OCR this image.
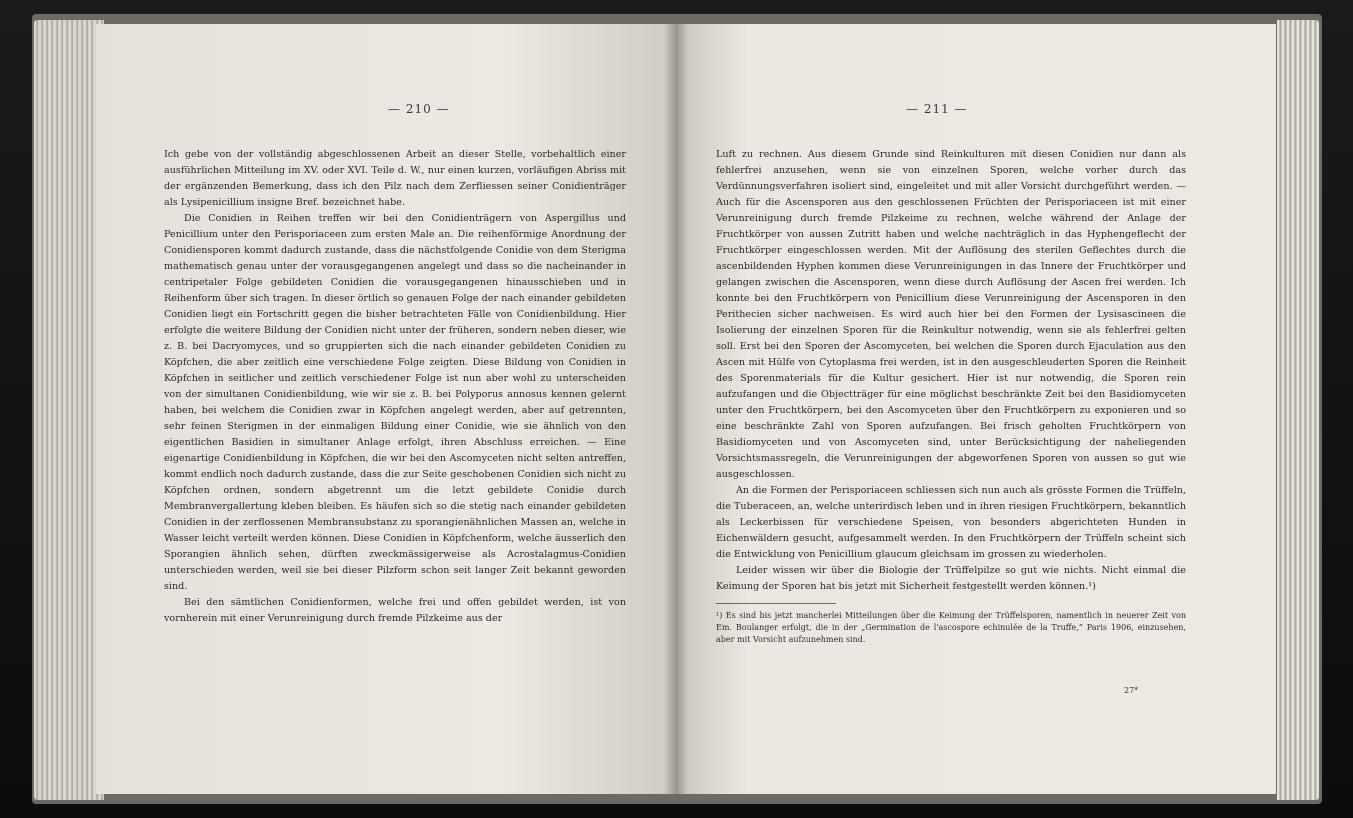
— 210 —

Ich gebe von der vollständig abgeschlossenen Arbeit an dieser Stelle, vorbehaltlich einer ausführlichen Mitteilung im XV. oder XVI. Teile d. W., nur einen kurzen, vorläufigen Abriss mit der ergänzenden Bemerkung, dass ich den Pilz nach dem Zerfliessen seiner Conidienträger als Lysipenicillium insigne Bref. bezeichnet habe.

Die Conidien in Reihen treffen wir bei den Conidienträgern von Aspergillus und Penicillium unter den Perisporiaceen zum ersten Male an. Die reihenförmige Anordnung der Conidiensporen kommt dadurch zustande, dass die nächstfolgende Conidie von dem Sterigma mathematisch genau unter der vorausgegangenen angelegt und dass so die nacheinander in centripetaler Folge gebildeten Conidien die vorausgegangenen hinausschieben und in Reihenform über sich tragen. In dieser örtlich so genauen Folge der nach einander gebildeten Conidien liegt ein Fortschritt gegen die bisher betrachteten Fälle von Conidienbildung. Hier erfolgte die weitere Bildung der Conidien nicht unter der früheren, sondern neben dieser, wie z. B. bei Dacryomyces, und so gruppierten sich die nach einander gebildeten Conidien zu Köpfchen, die aber zeitlich eine verschiedene Folge zeigten. Diese Bildung von Conidien in Köpfchen in seitlicher und zeitlich verschiedener Folge ist nun aber wohl zu unterscheiden von der simultanen Conidienbildung, wie wir sie z. B. bei Polyporus annosus kennen gelernt haben, bei welchem die Conidien zwar in Köpfchen angelegt werden, aber auf getrennten, sehr feinen Sterigmen in der einmaligen Bildung einer Conidie, wie sie ähnlich von den eigentlichen Basidien in simultaner Anlage erfolgt, ihren Abschluss erreichen. — Eine eigenartige Conidienbildung in Köpfchen, die wir bei den Ascomyceten nicht selten antreffen, kommt endlich noch dadurch zustande, dass die zur Seite geschobenen Conidien sich nicht zu Köpfchen ordnen, sondern abgetrennt um die letzt gebildete Conidie durch Membranvergallertung kleben bleiben. Es häufen sich so die stetig nach einander gebildeten Conidien in der zerflossenen Membransubstanz zu sporangienähnlichen Massen an, welche in Wasser leicht verteilt werden können. Diese Conidien in Köpfchenform, welche äusserlich den Sporangien ähnlich sehen, dürften zweckmässigerweise als Acrostalagmus-Conidien unterschieden werden, weil sie bei dieser Pilzform schon seit langer Zeit bekannt geworden sind.

Bei den sämtlichen Conidienformen, welche frei und offen gebildet werden, ist von vornherein mit einer Verunreinigung durch fremde Pilzkeime aus der

— 211 —

Luft zu rechnen. Aus diesem Grunde sind Reinkulturen mit diesen Conidien nur dann als fehlerfrei anzusehen, wenn sie von einzelnen Sporen, welche vorher durch das Verdünnungsverfahren isoliert sind, eingeleitet und mit aller Vorsicht durchgeführt werden. — Auch für die Ascensporen aus den geschlossenen Früchten der Perisporiaceen ist mit einer Verunreinigung durch fremde Pilzkeime zu rechnen, welche während der Anlage der Fruchtkörper von aussen Zutritt haben und welche nachträglich in das Hyphengeflecht der Fruchtkörper eingeschlossen werden. Mit der Auflösung des sterilen Geflechtes durch die ascenbildenden Hyphen kommen diese Verunreinigungen in das Innere der Fruchtkörper und gelangen zwischen die Ascensporen, wenn diese durch Auflösung der Ascen frei werden. Ich konnte bei den Fruchtkörpern von Penicillium diese Verunreinigung der Ascensporen in den Perithecien sicher nachweisen. Es wird auch hier bei den Formen der Lysisascineen die Isolierung der einzelnen Sporen für die Reinkultur notwendig, wenn sie als fehlerfrei gelten soll. Erst bei den Sporen der Ascomyceten, bei welchen die Sporen durch Ejaculation aus den Ascen mit Hülfe von Cytoplasma frei werden, ist in den ausgeschleuderten Sporen die Reinheit des Sporenmaterials für die Kultur gesichert. Hier ist nur notwendig, die Sporen rein aufzufangen und die Objectträger für eine möglichst beschränkte Zeit bei den Basidiomyceten unter den Fruchtkörpern, bei den Ascomyceten über den Fruchtkörpern zu exponieren und so eine beschränkte Zahl von Sporen aufzufangen. Bei frisch geholten Fruchtkörpern von Basidiomyceten und von Ascomyceten sind, unter Berücksichtigung der naheliegenden Vorsichtsmassregeln, die Verunreinigungen der abgeworfenen Sporen von aussen so gut wie ausgeschlossen.

An die Formen der Perisporiaceen schliessen sich nun auch als grösste Formen die Trüffeln, die Tuberaceen, an, welche unterirdisch leben und in ihren riesigen Fruchtkörpern, bekanntlich als Leckerbissen für verschiedene Speisen, von besonders abgerichteten Hunden in Eichenwäldern gesucht, aufgesammelt werden. In den Fruchtkörpern der Trüffeln scheint sich die Entwicklung von Penicillium glaucum gleichsam im grossen zu wiederholen.

Leider wissen wir über die Biologie der Trüffelpilze so gut wie nichts. Nicht einmal die Keimung der Sporen hat bis jetzt mit Sicherheit festgestellt werden können.¹)

¹) Es sind bis jetzt mancherlei Mitteilungen über die Keimung der Trüffelsporen, namentlich in neuerer Zeit von Em. Boulanger erfolgt, die in der „Germination de l'ascospore echinulée de la Truffe,“ Paris 1906, einzusehen, aber mit Vorsicht aufzunehmen sind.

27*
